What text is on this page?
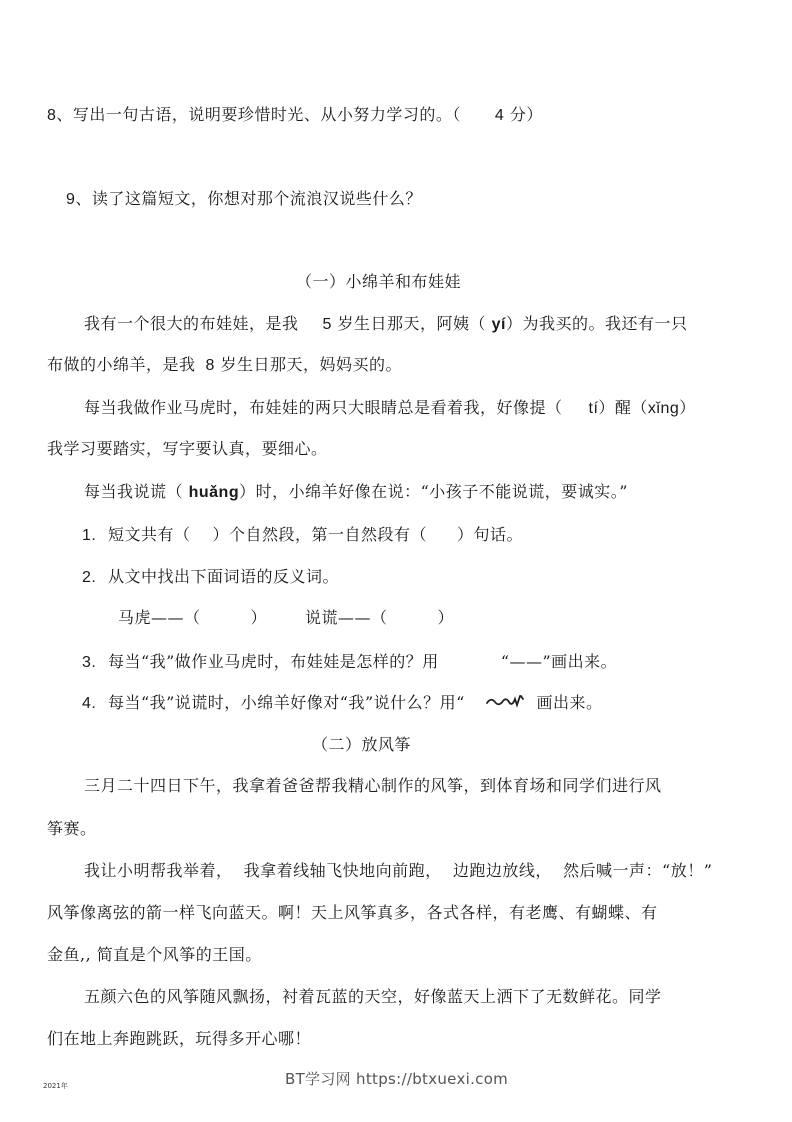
8、写出一句古语，说明要珍惜时光、从小努力学习的。（ 4 分）
9、读了这篇短文，你想对那个流浪汉说些什么？
（一）小绵羊和布娃娃
我有一个很大的布娃娃，是我 5 岁生日那天，阿姨（ yí）为我买的。我还有一只
布做的小绵羊，是我 8 岁生日那天，妈妈买的。
每当我做作业马虎时，布娃娃的两只大眼睛总是看着我，好像提（ tí）醒（xǐng）
我学习要踏实，写字要认真，要细心。
每当我说谎（ huǎng）时，小绵羊好像在说：“小孩子不能说谎，要诚实。”
1. 短文共有（ ）个自然段，第一自然段有（ ）句话。
2. 从文中找出下面词语的反义词。
马虎——（	） 说谎——（	）
3. 每当“我”做作业马虎时，布娃娃是怎样的？用	“——”画出来。
4. 每当“我”说谎时，小绵羊好像对“我”说什么？用“	画出来。
（二）放风筝
三月二十四日下午，我拿着爸爸帮我精心制作的风筝，到体育场和同学们进行风
筝赛。
我让小明帮我举着，  我拿着线轴飞快地向前跑，  边跑边放线，  然后喊一声：“放！”
风筝像离弦的箭一样飞向蓝天。啊！天上风筝真多，各式各样，有老鹰、有蝴蝶、有
金鱼,, 简直是个风筝的王国。
五颜六色的风筝随风飘扬，衬着瓦蓝的天空，好像蓝天上洒下了无数鲜花。同学
们在地上奔跑跳跃，玩得多开心哪！
2021年	BT学习网 https://btxuexi.com
